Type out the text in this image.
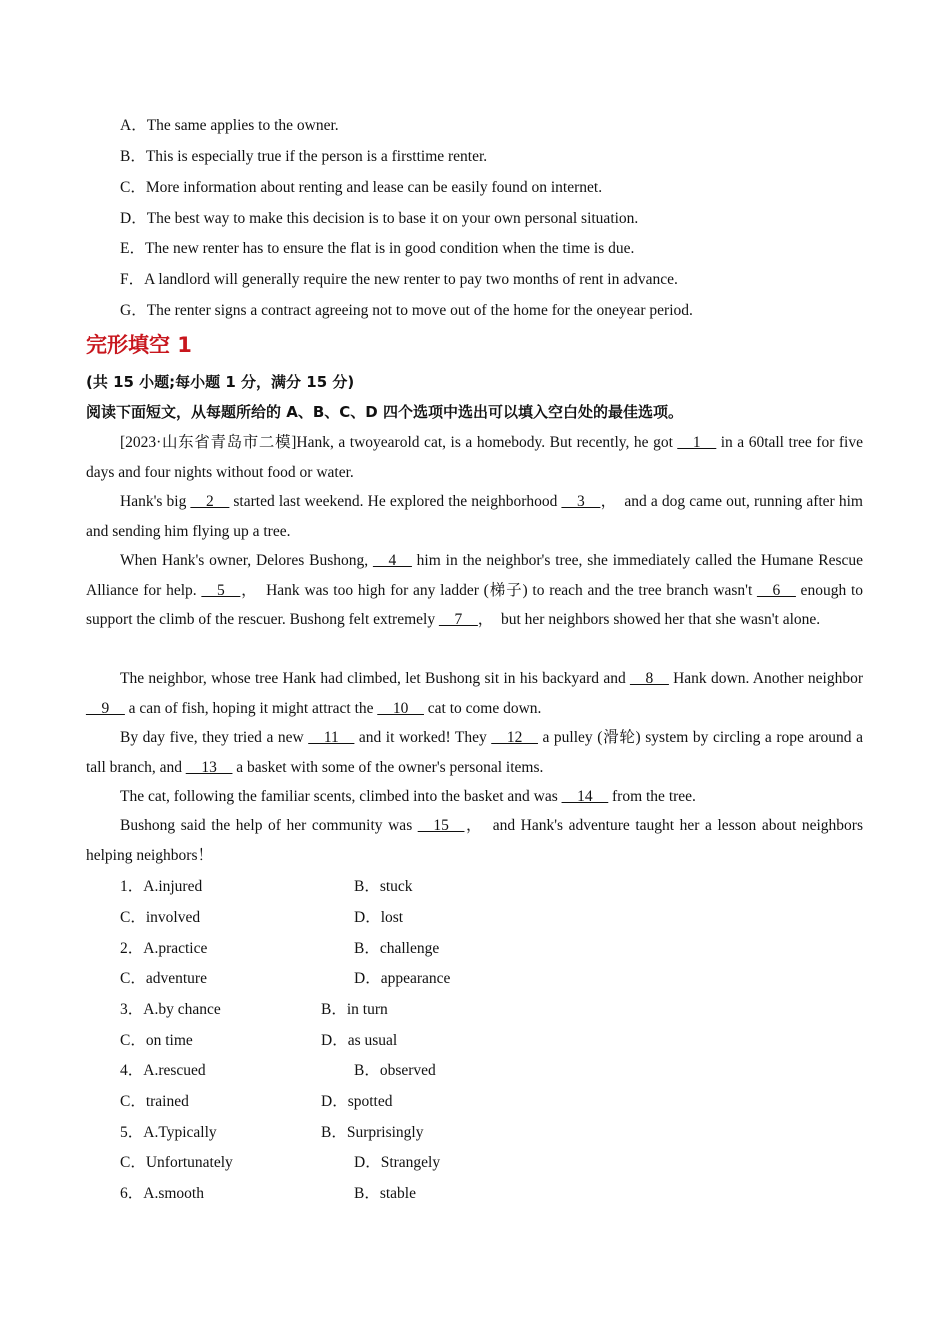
A．The same applies to the owner.
B．This is especially true if the person is a firsttime renter.
C．More information about renting and lease can be easily found on internet.
D．The best way to make this decision is to base it on your own personal situation.
E．The new renter has to ensure the flat is in good condition when the time is due.
F．A landlord will generally require the new renter to pay two months of rent in advance.
G．The renter signs a contract agreeing not to move out of the home for the oneyear period.
完形填空 1
(共 15 小题;每小题 1 分，满分 15 分)
阅读下面短文，从每题所给的 A、B、C、D 四个选项中选出可以填入空白处的最佳选项。
[2023·山东省青岛市二模]Hank, a twoyearold cat, is a homebody. But recently, he got __1__ in a 60tall tree for five days and four nights without food or water.
Hank's big __2__ started last weekend. He explored the neighborhood __3__，　and a dog came out, running after him and sending him flying up a tree.
When Hank's owner, Delores Bushong, __4__ him in the neighbor's tree, she immediately called the Humane Rescue Alliance for help. __5__，　Hank was too high for any ladder (梯子) to reach and the tree branch wasn't __6__ enough to support the climb of the rescuer. Bushong felt extremely __7__，　but her neighbors showed her that she wasn't alone.
The neighbor, whose tree Hank had climbed, let Bushong sit in his backyard and __8__ Hank down. Another neighbor __9__ a can of fish, hoping it might attract the __10__ cat to come down.
By day five, they tried a new __11__ and it worked! They __12__ a pulley (滑轮) system by circling a rope around a tall branch, and __13__ a basket with some of the owner's personal items.
The cat, following the familiar scents, climbed into the basket and was __14__ from the tree.
Bushong said the help of her community was __15__，　and Hank's adventure taught her a lesson about neighbors helping neighbors！
1．A.injured	B．stuck
C．involved	D．lost
2．A.practice	B．challenge
C．adventure	D．appearance
3．A.by chance	B．in turn
C．on time	D．as usual
4．A.rescued	B．observed
C．trained	D．spotted
5．A.Typically	B．Surprisingly
C．Unfortunately	D．Strangely
6．A.smooth	B．stable
